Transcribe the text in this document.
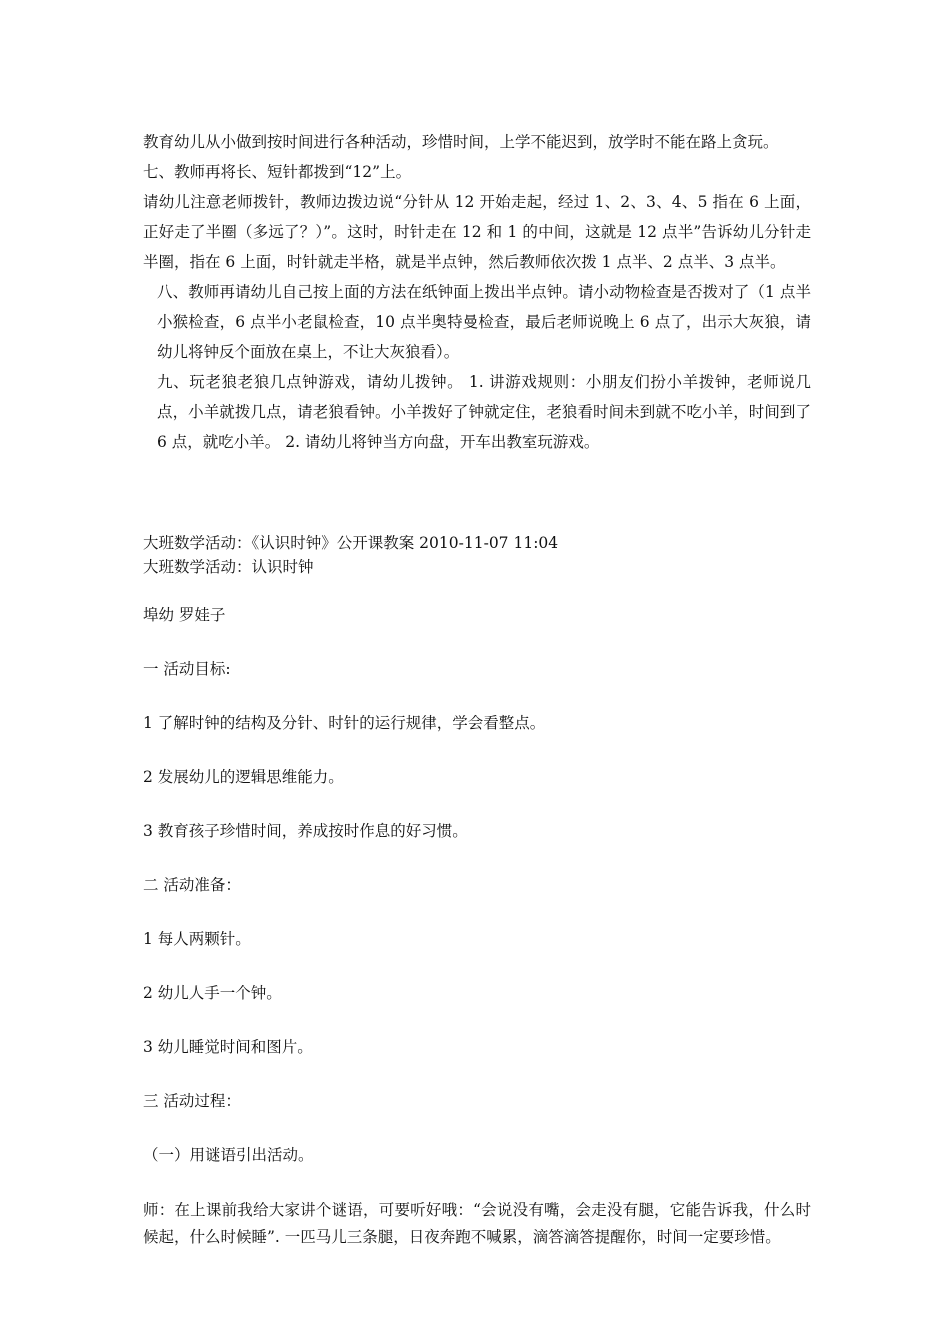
教育幼儿从小做到按时间进行各种活动，珍惜时间，上学不能迟到，放学时不能在路上贪玩。

七、教师再将长、短针都拨到“12”上。

请幼儿注意老师拨针，教师边拨边说“分针从 12 开始走起，经过 1、2、3、4、5 指在 6 上面，正好走了半圈（多远了？）”。这时，时针走在 12 和 1 的中间，这就是 12 点半”告诉幼儿分针走半圈，指在 6 上面，时针就走半格，就是半点钟，然后教师依次拨 1 点半、2 点半、3 点半。

八、教师再请幼儿自己按上面的方法在纸钟面上拨出半点钟。请小动物检查是否拨对了（1 点半小猴检查，6 点半小老鼠检查，10 点半奥特曼检查，最后老师说晚上 6 点了，出示大灰狼，请幼儿将钟反个面放在桌上，不让大灰狼看）。

九、玩老狼老狼几点钟游戏，请幼儿拨钟。 1. 讲游戏规则：小朋友们扮小羊拨钟，老师说几点，小羊就拨几点，请老狼看钟。小羊拨好了钟就定住，老狼看时间未到就不吃小羊，时间到了 6 点，就吃小羊。 2. 请幼儿将钟当方向盘，开车出教室玩游戏。

大班数学活动：《认识时钟》公开课教案 2010-11-07 11:04

大班数学活动：认识时钟

埠幼 罗娃子

一 活动目标:

1 了解时钟的结构及分针、时针的运行规律，学会看整点。

2 发展幼儿的逻辑思维能力。

3 教育孩子珍惜时间，养成按时作息的好习惯。

二 活动准备：

1 每人两颗针。

2 幼儿人手一个钟。

3 幼儿睡觉时间和图片。

三 活动过程：

（一）用谜语引出活动。

师：在上课前我给大家讲个谜语，可要听好哦：“会说没有嘴，会走没有腿，它能告诉我，什么时候起，什么时候睡”. 一匹马儿三条腿，日夜奔跑不喊累，滴答滴答提醒你，时间一定要珍惜。
